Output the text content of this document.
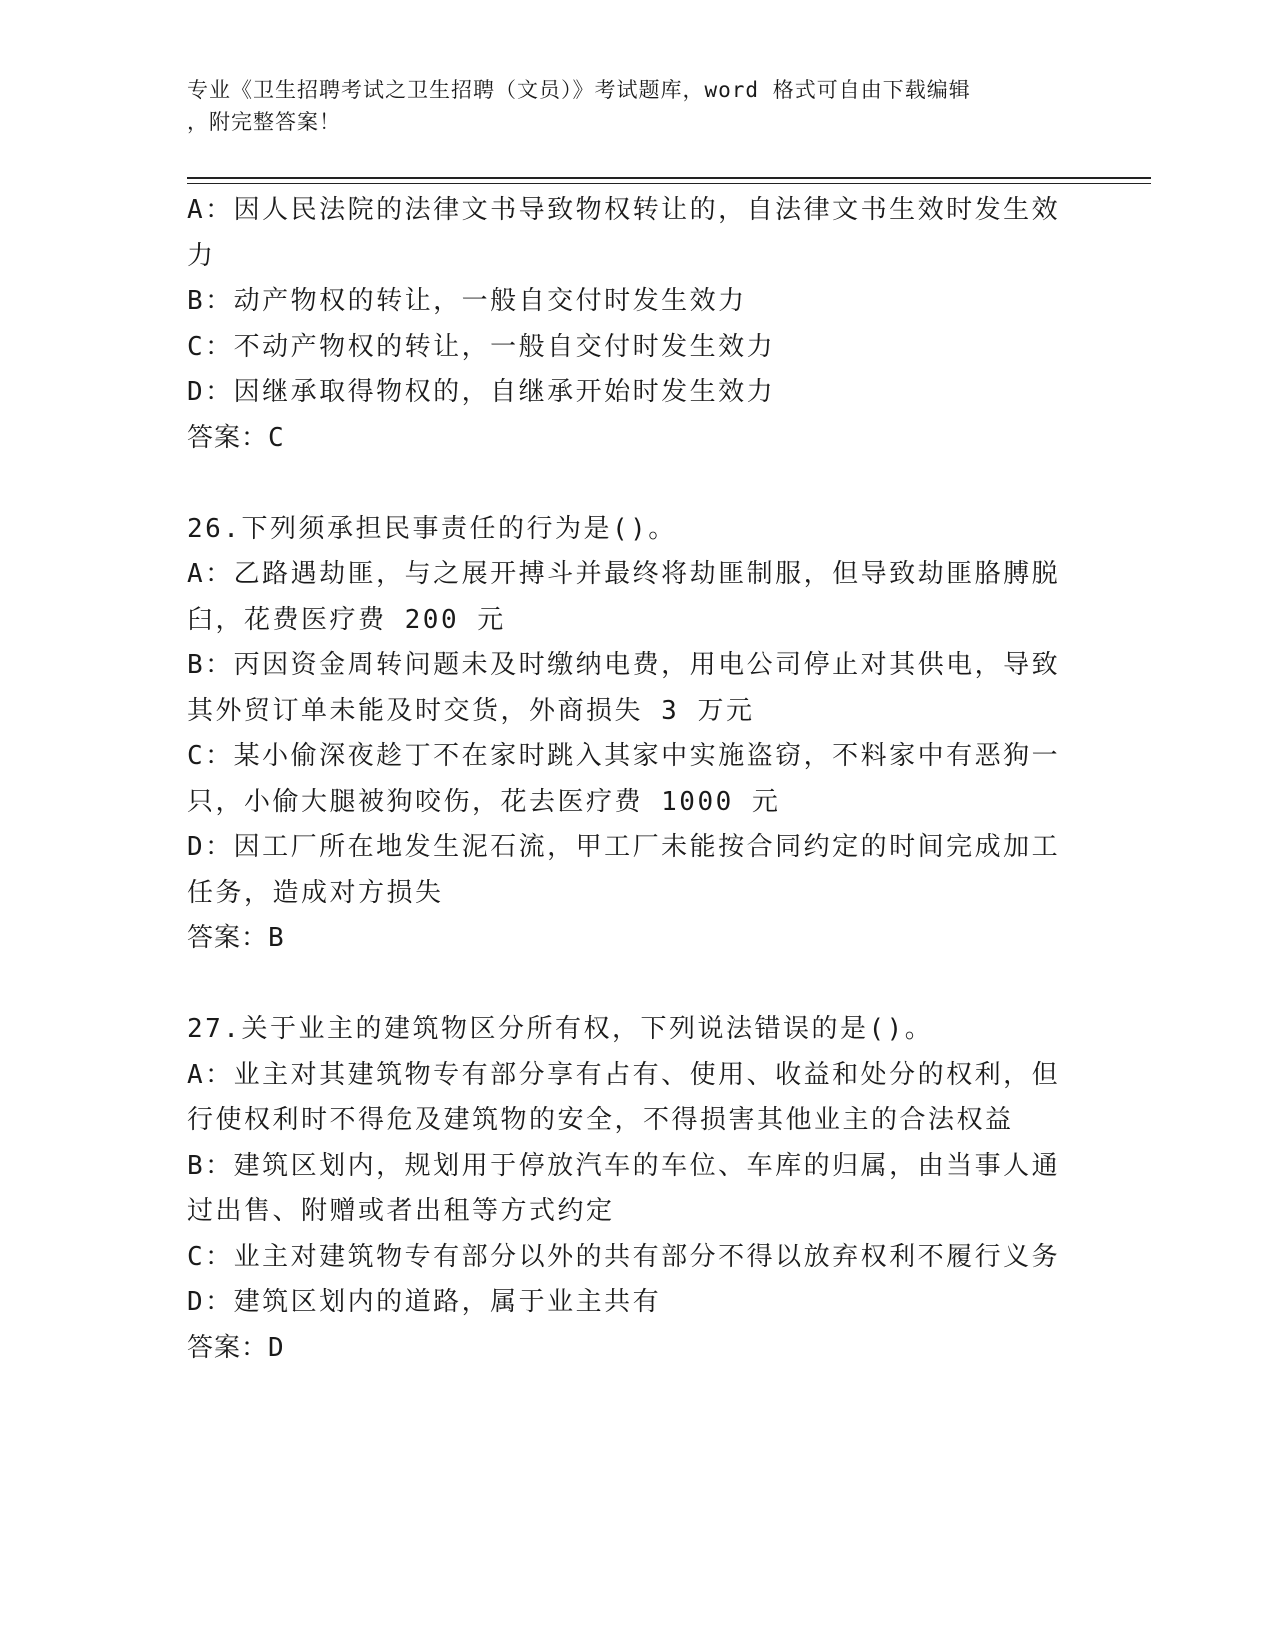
专业《卫生招聘考试之卫生招聘（文员）》考试题库，word 格式可自由下载编辑
，附完整答案！
A：因人民法院的法律文书导致物权转让的，自法律文书生效时发生效力
B：动产物权的转让，一般自交付时发生效力
C：不动产物权的转让，一般自交付时发生效力
D：因继承取得物权的，自继承开始时发生效力
答案：C
26.下列须承担民事责任的行为是()。
A：乙路遇劫匪，与之展开搏斗并最终将劫匪制服，但导致劫匪胳膊脱臼，花费医疗费 200 元
B：丙因资金周转问题未及时缴纳电费，用电公司停止对其供电，导致其外贸订单未能及时交货，外商损失 3 万元
C：某小偷深夜趁丁不在家时跳入其家中实施盗窃，不料家中有恶狗一只，小偷大腿被狗咬伤，花去医疗费 1000 元
D：因工厂所在地发生泥石流，甲工厂未能按合同约定的时间完成加工任务，造成对方损失
答案：B
27.关于业主的建筑物区分所有权，下列说法错误的是()。
A：业主对其建筑物专有部分享有占有、使用、收益和处分的权利，但行使权利时不得危及建筑物的安全，不得损害其他业主的合法权益
B：建筑区划内，规划用于停放汽车的车位、车库的归属，由当事人通过出售、附赠或者出租等方式约定
C：业主对建筑物专有部分以外的共有部分不得以放弃权利不履行义务
D：建筑区划内的道路，属于业主共有
答案：D
